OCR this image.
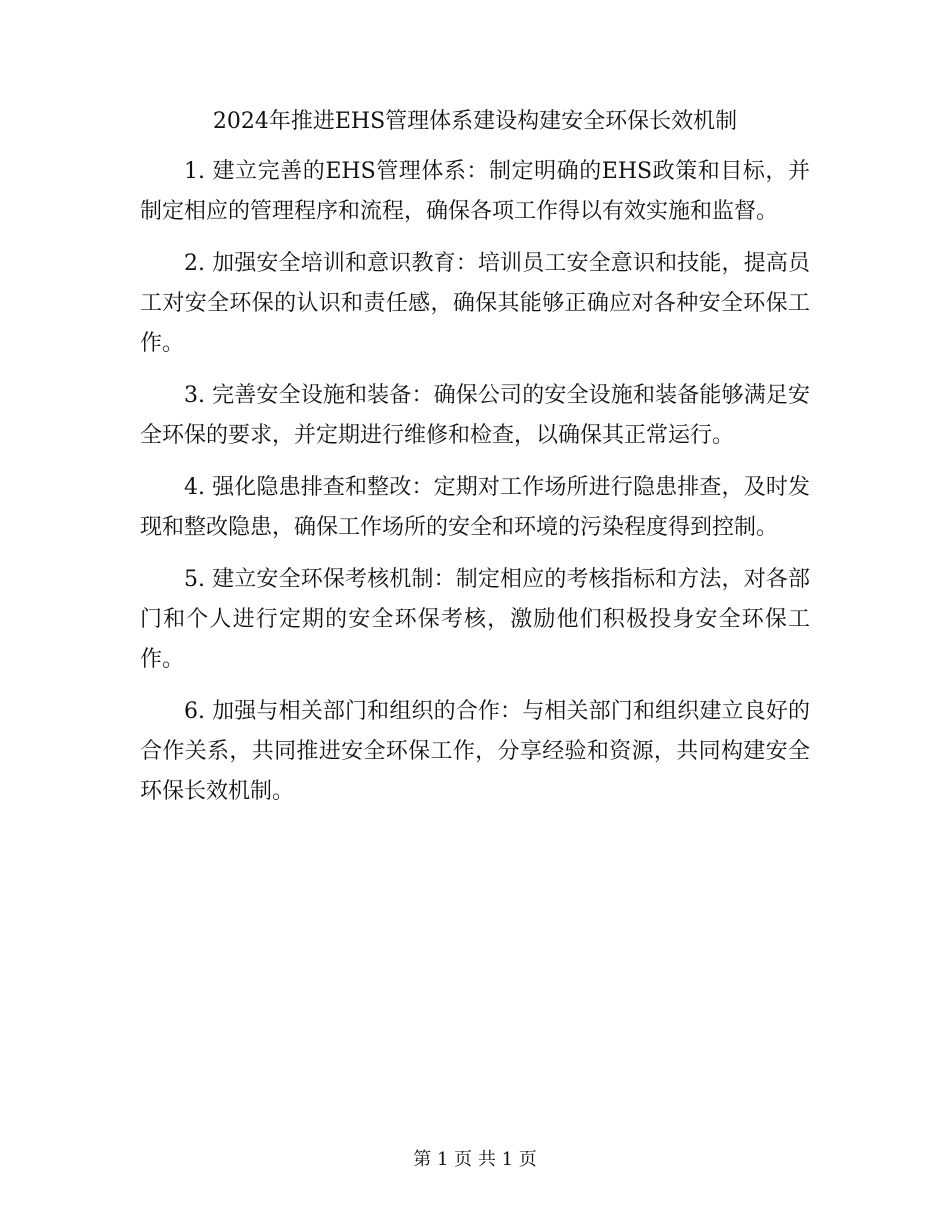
2024年推进EHS管理体系建设构建安全环保长效机制

1. 建立完善的EHS管理体系：制定明确的EHS政策和目标，并制定相应的管理程序和流程，确保各项工作得以有效实施和监督。

2. 加强安全培训和意识教育：培训员工安全意识和技能，提高员工对安全环保的认识和责任感，确保其能够正确应对各种安全环保工作。

3. 完善安全设施和装备：确保公司的安全设施和装备能够满足安全环保的要求，并定期进行维修和检查，以确保其正常运行。

4. 强化隐患排查和整改：定期对工作场所进行隐患排查，及时发现和整改隐患，确保工作场所的安全和环境的污染程度得到控制。

5. 建立安全环保考核机制：制定相应的考核指标和方法，对各部门和个人进行定期的安全环保考核，激励他们积极投身安全环保工作。

6. 加强与相关部门和组织的合作：与相关部门和组织建立良好的合作关系，共同推进安全环保工作，分享经验和资源，共同构建安全环保长效机制。

第 1 页 共 1 页
